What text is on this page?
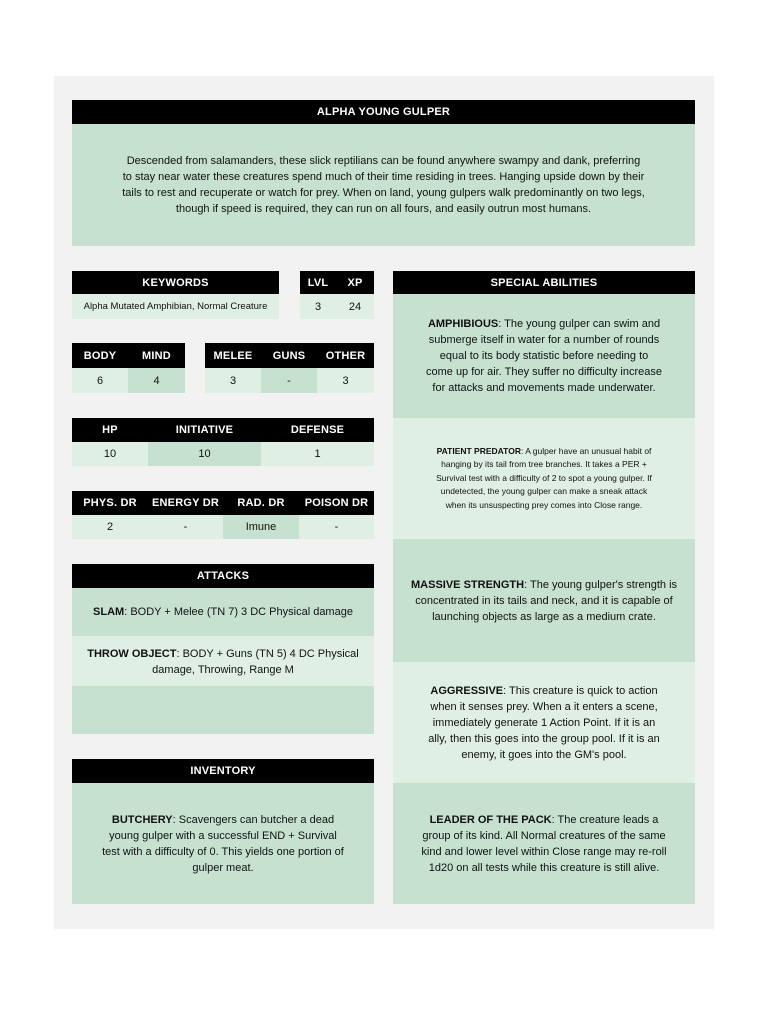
ALPHA YOUNG GULPER
Descended from salamanders, these slick reptilians can be found anywhere swampy and dank, preferring to stay near water these creatures spend much of their time residing in trees. Hanging upside down by their tails to rest and recuperate or watch for prey. When on land, young gulpers walk predominantly on two legs, though if speed is required, they can run on all fours, and easily outrun most humans.
KEYWORDS
Alpha Mutated Amphibian, Normal Creature
LVL
3
XP
24
BODY
6
MIND
4
MELEE
3
GUNS
-
OTHER
3
HP
10
INITIATIVE
10
DEFENSE
1
PHYS. DR
2
ENERGY DR
-
RAD. DR
Imune
POISON DR
-
ATTACKS
SLAM: BODY + Melee (TN 7) 3 DC Physical damage
THROW OBJECT: BODY + Guns (TN 5) 4 DC Physical damage, Throwing, Range M
INVENTORY
BUTCHERY: Scavengers can butcher a dead young gulper with a successful END + Survival test with a difficulty of 0. This yields one portion of gulper meat.
SPECIAL ABILITIES
AMPHIBIOUS: The young gulper can swim and submerge itself in water for a number of rounds equal to its body statistic before needing to come up for air. They suffer no difficulty increase for attacks and movements made underwater.
PATIENT PREDATOR: A gulper have an unusual habit of hanging by its tail from tree branches. It takes a PER + Survival test with a difficulty of 2 to spot a young gulper. If undetected, the young gulper can make a sneak attack when its unsuspecting prey comes into Close range.
MASSIVE STRENGTH: The young gulper's strength is concentrated in its tails and neck, and it is capable of launching objects as large as a medium crate.
AGGRESSIVE: This creature is quick to action when it senses prey. When a it enters a scene, immediately generate 1 Action Point. If it is an ally, then this goes into the group pool. If it is an enemy, it goes into the GM's pool.
LEADER OF THE PACK: The creature leads a group of its kind. All Normal creatures of the same kind and lower level within Close range may re-roll 1d20 on all tests while this creature is still alive.
